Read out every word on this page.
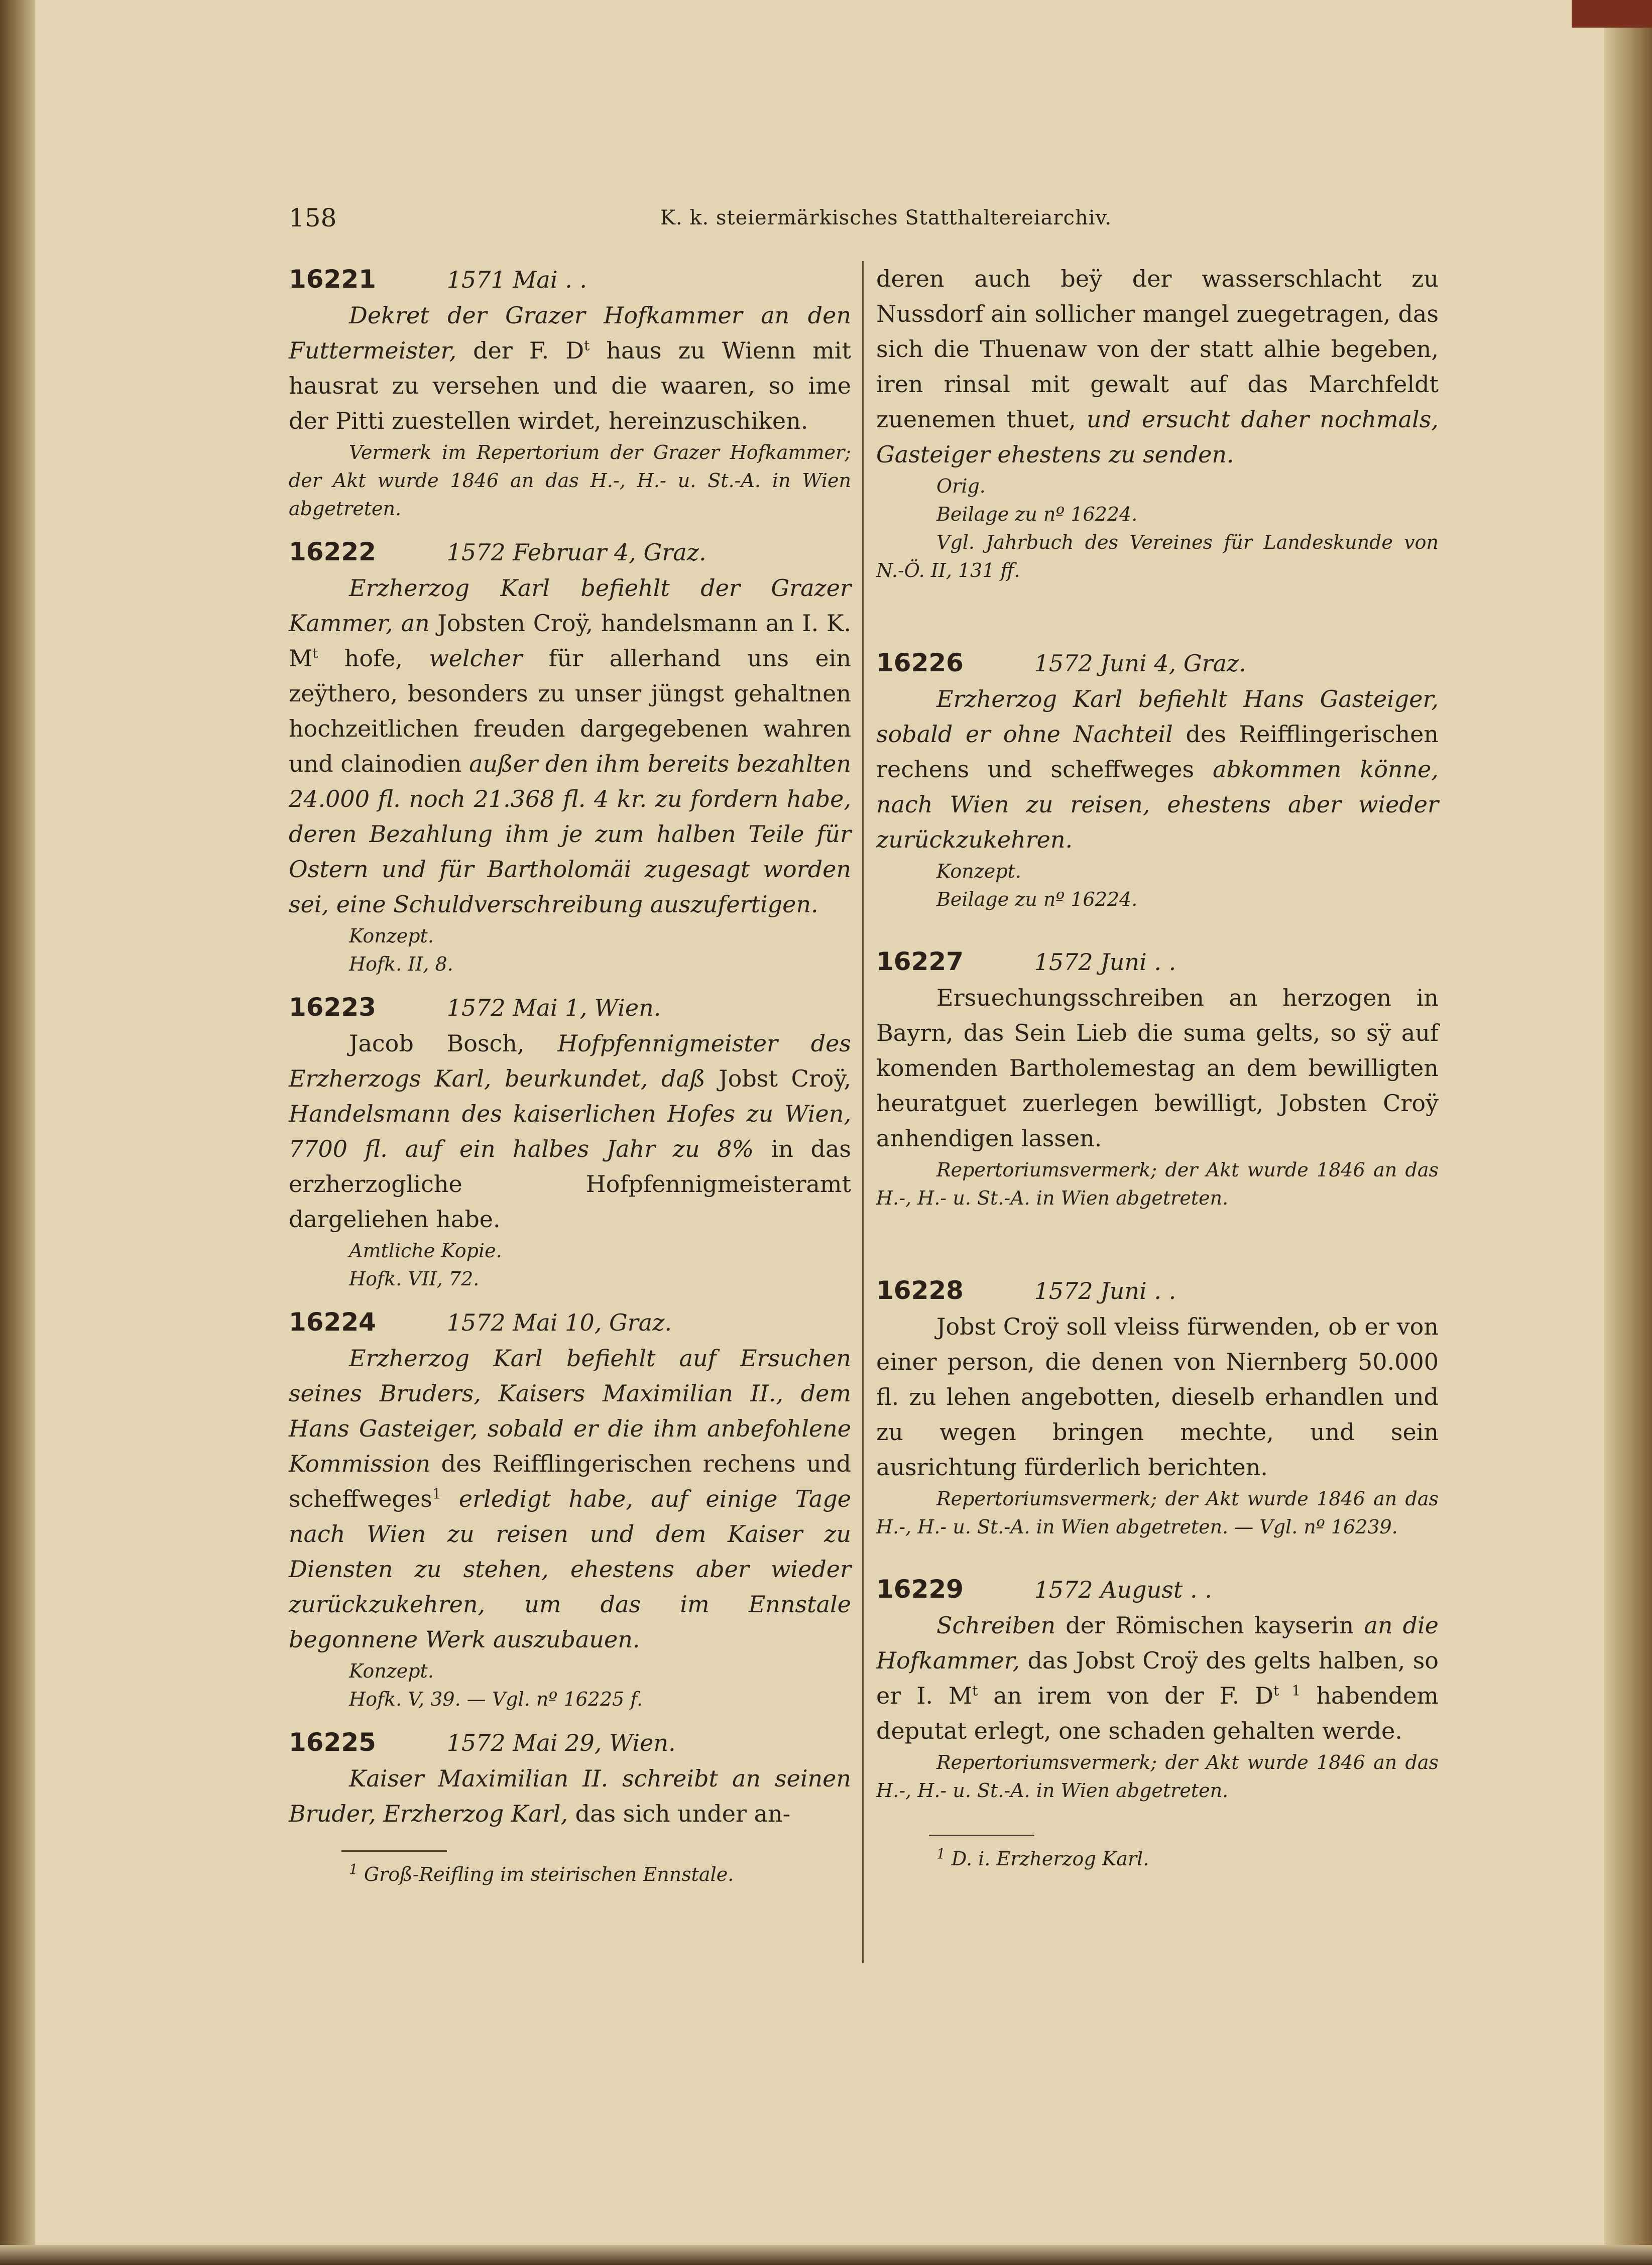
158	K. k. steiermärkisches Statthaltereiarchiv.
16221	1571 Mai . .

Dekret der Grazer Hofkammer an den Futtermeister, der F. $D^t$ haus zu Wienn mit hausrat zu versehen und die waaren, so ime der Pitti zuestellen wirdet, hereinzuschiken.

Vermerk im Repertorium der Grazer Hofkammer; der Akt wurde 1846 an das H.-, H.- u. St.-A. in Wien abgetreten.

16222	1572 Februar 4, Graz.

Erzherzog Karl befiehlt der Grazer Kammer, an Jobsten Croÿ, handelsmann an I. K. $M^t$ hofe, welcher für allerhand uns ein zeÿthero, besonders zu unser jüngst gehaltnen hochzeitlichen freuden dargegebenen wahren und clainodien außer den ihm bereits bezahlten 24.000 fl. noch 21.368 fl. 4 kr. zu fordern habe, deren Bezahlung ihm je zum halben Teile für Ostern und für Bartholomäi zugesagt worden sei, eine Schuldverschreibung auszufertigen.

Konzept.

Hofk. II, 8.

16223	1572 Mai 1, Wien.

Jacob Bosch, Hofpfennigmeister des Erzherzogs Karl, beurkundet, daß Jobst Croÿ, Handelsmann des kaiserlichen Hofes zu Wien, 7700 fl. auf ein halbes Jahr zu 8% in das erzherzogliche Hofpfennigmeisteramt dargeliehen habe.

Amtliche Kopie.

Hofk. VII, 72.

16224	1572 Mai 10, Graz.

Erzherzog Karl befiehlt auf Ersuchen seines Bruders, Kaisers Maximilian II., dem Hans Gasteiger, sobald er die ihm anbefohlene Kommission des Reifflingerischen rechens und scheffweges$^1$ erledigt habe, auf einige Tage nach Wien zu reisen und dem Kaiser zu Diensten zu stehen, ehestens aber wieder zurückzukehren, um das im Ennstale begonnene Werk auszubauen.

Konzept.

Hofk. V, 39. — Vgl. nº 16225 f.

16225	1572 Mai 29, Wien.

Kaiser Maximilian II. schreibt an seinen Bruder, Erzherzog Karl, das sich under an-

$^1$ Groß-Reifling im steirischen Ennstale.

deren auch beÿ der wasserschlacht zu Nussdorf ain sollicher mangel zuegetragen, das sich die Thuenaw von der statt alhie begeben, iren rinsal mit gewalt auf das Marchfeldt zuenemen thuet, und ersucht daher nochmals, Gasteiger ehestens zu senden.

Orig.

Beilage zu nº 16224.

Vgl. Jahrbuch des Vereines für Landeskunde von N.-Ö. II, 131 ff.

16226	1572 Juni 4, Graz.

Erzherzog Karl befiehlt Hans Gasteiger, sobald er ohne Nachteil des Reifflingerischen rechens und scheffweges abkommen könne, nach Wien zu reisen, ehestens aber wieder zurückzukehren.

Konzept.

Beilage zu nº 16224.

16227	1572 Juni . .

Ersuechungsschreiben an herzogen in Bayrn, das Sein Lieb die suma gelts, so sÿ auf komenden Bartholemestag an dem bewilligten heuratguet zuerlegen bewilligt, Jobsten Croÿ anhendigen lassen.

Repertoriumsvermerk; der Akt wurde 1846 an das H.-, H.- u. St.-A. in Wien abgetreten.

16228	1572 Juni . .

Jobst Croÿ soll vleiss fürwenden, ob er von einer person, die denen von Niernberg 50.000 fl. zu lehen angebotten, dieselb erhandlen und zu wegen bringen mechte, und sein ausrichtung fürderlich berichten.

Repertoriumsvermerk; der Akt wurde 1846 an das H.-, H.- u. St.-A. in Wien abgetreten. — Vgl. nº 16239.

16229	1572 August . .

Schreiben der Römischen kayserin an die Hofkammer, das Jobst Croÿ des gelts halben, so er I. $M^t$ an irem von der F. $D^{t 1}$ habendem deputat erlegt, one schaden gehalten werde.

Repertoriumsvermerk; der Akt wurde 1846 an das H.-, H.- u. St.-A. in Wien abgetreten.

$^1$ D. i. Erzherzog Karl.
